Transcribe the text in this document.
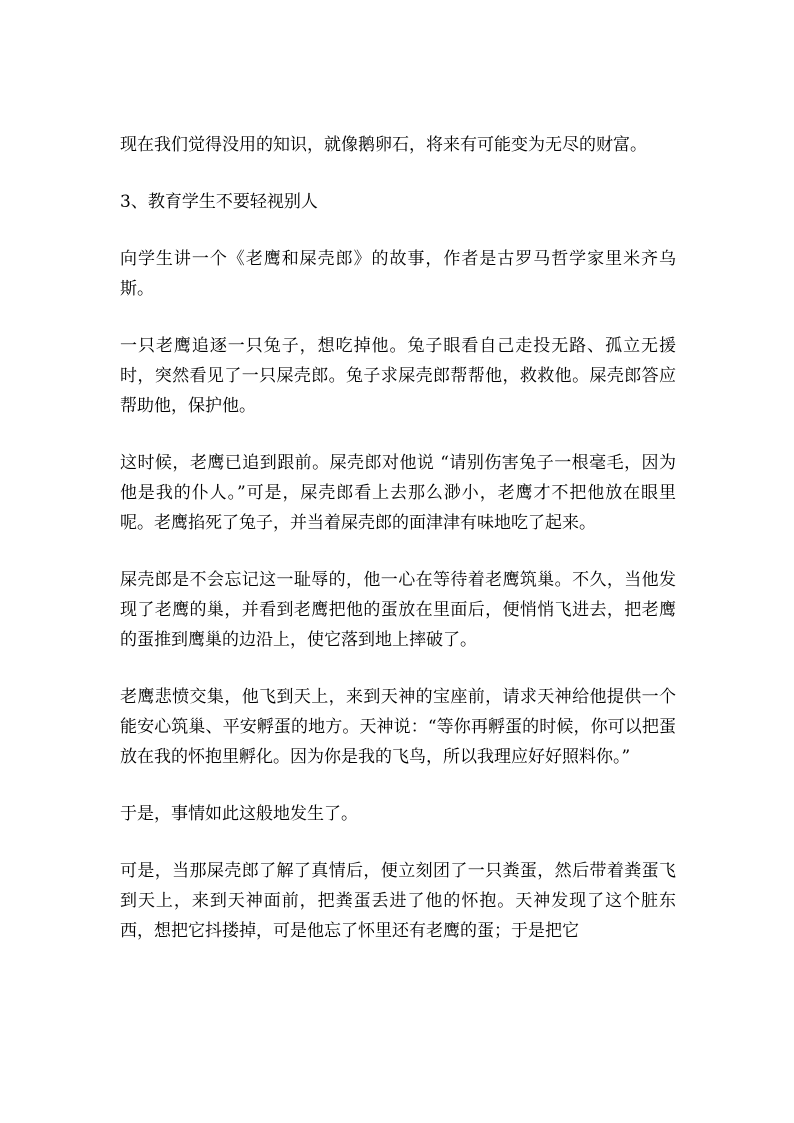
现在我们觉得没用的知识，就像鹅卵石，将来有可能变为无尽的财富。

3、教育学生不要轻视别人

向学生讲一个《老鹰和屎壳郎》的故事，作者是古罗马哲学家里米齐乌斯。

一只老鹰追逐一只兔子，想吃掉他。兔子眼看自己走投无路、孤立无援时，突然看见了一只屎壳郎。兔子求屎壳郎帮帮他，救救他。屎壳郎答应帮助他，保护他。

这时候，老鹰已追到跟前。屎壳郎对他说 “请别伤害兔子一根毫毛，因为他是我的仆人。”可是，屎壳郎看上去那么渺小，老鹰才不把他放在眼里呢。老鹰掐死了兔子，并当着屎壳郎的面津津有味地吃了起来。

屎壳郎是不会忘记这一耻辱的，他一心在等待着老鹰筑巢。不久，当他发现了老鹰的巢，并看到老鹰把他的蛋放在里面后，便悄悄飞进去，把老鹰的蛋推到鹰巢的边沿上，使它落到地上摔破了。

老鹰悲愤交集，他飞到天上，来到天神的宝座前，请求天神给他提供一个能安心筑巢、平安孵蛋的地方。天神说：“等你再孵蛋的时候，你可以把蛋放在我的怀抱里孵化。因为你是我的飞鸟，所以我理应好好照料你。”

于是，事情如此这般地发生了。

可是，当那屎壳郎了解了真情后，便立刻团了一只粪蛋，然后带着粪蛋飞到天上，来到天神面前，把粪蛋丢进了他的怀抱。天神发现了这个脏东西，想把它抖搂掉，可是他忘了怀里还有老鹰的蛋；于是把它
